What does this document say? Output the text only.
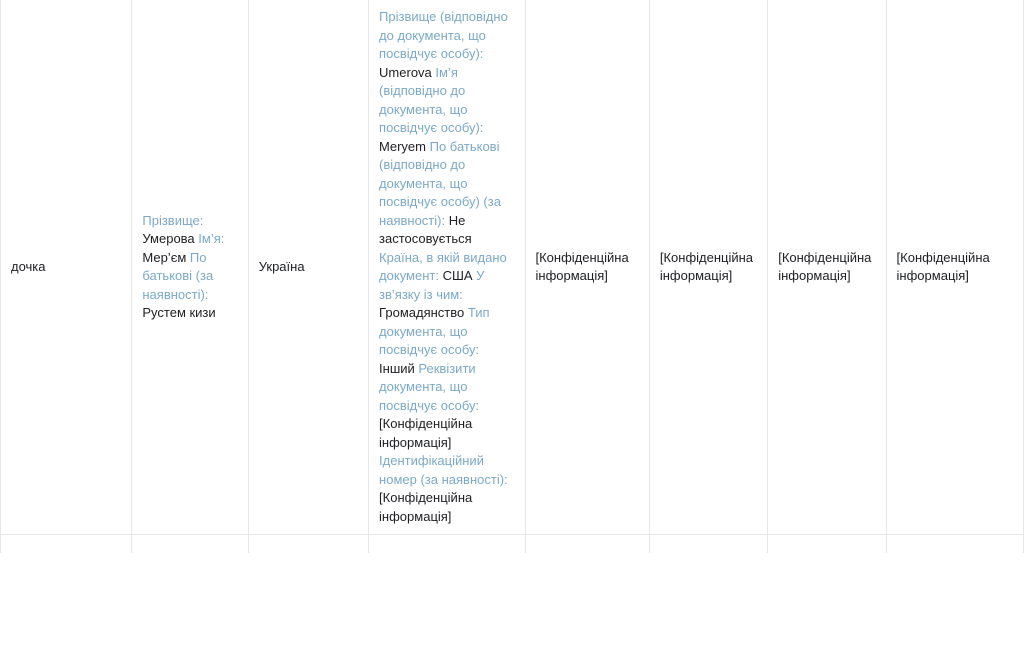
дочка	Прізвище: Умерова Ім’я: Мер’єм По батькові (за наявності): Рустем кизи	Україна	Прізвище (відповідно до документа, що посвідчує особу): Umerova Ім’я (відповідно до документа, що посвідчує особу): Meryem По батькові (відповідно до документа, що посвідчує особу) (за наявності): Не застосовується Країна, в якій видано документ: США У зв’язку із чим: Громадянство Тип документа, що посвідчує особу: Інший Реквізити документа, що посвідчує особу: [Конфіденційна інформація] Ідентифікаційний номер (за наявності): [Конфіденційна інформація]	[Конфіденційна інформація]	[Конфіденційна інформація]	[Конфіденційна інформація]	[Конфіденційна інформація]
